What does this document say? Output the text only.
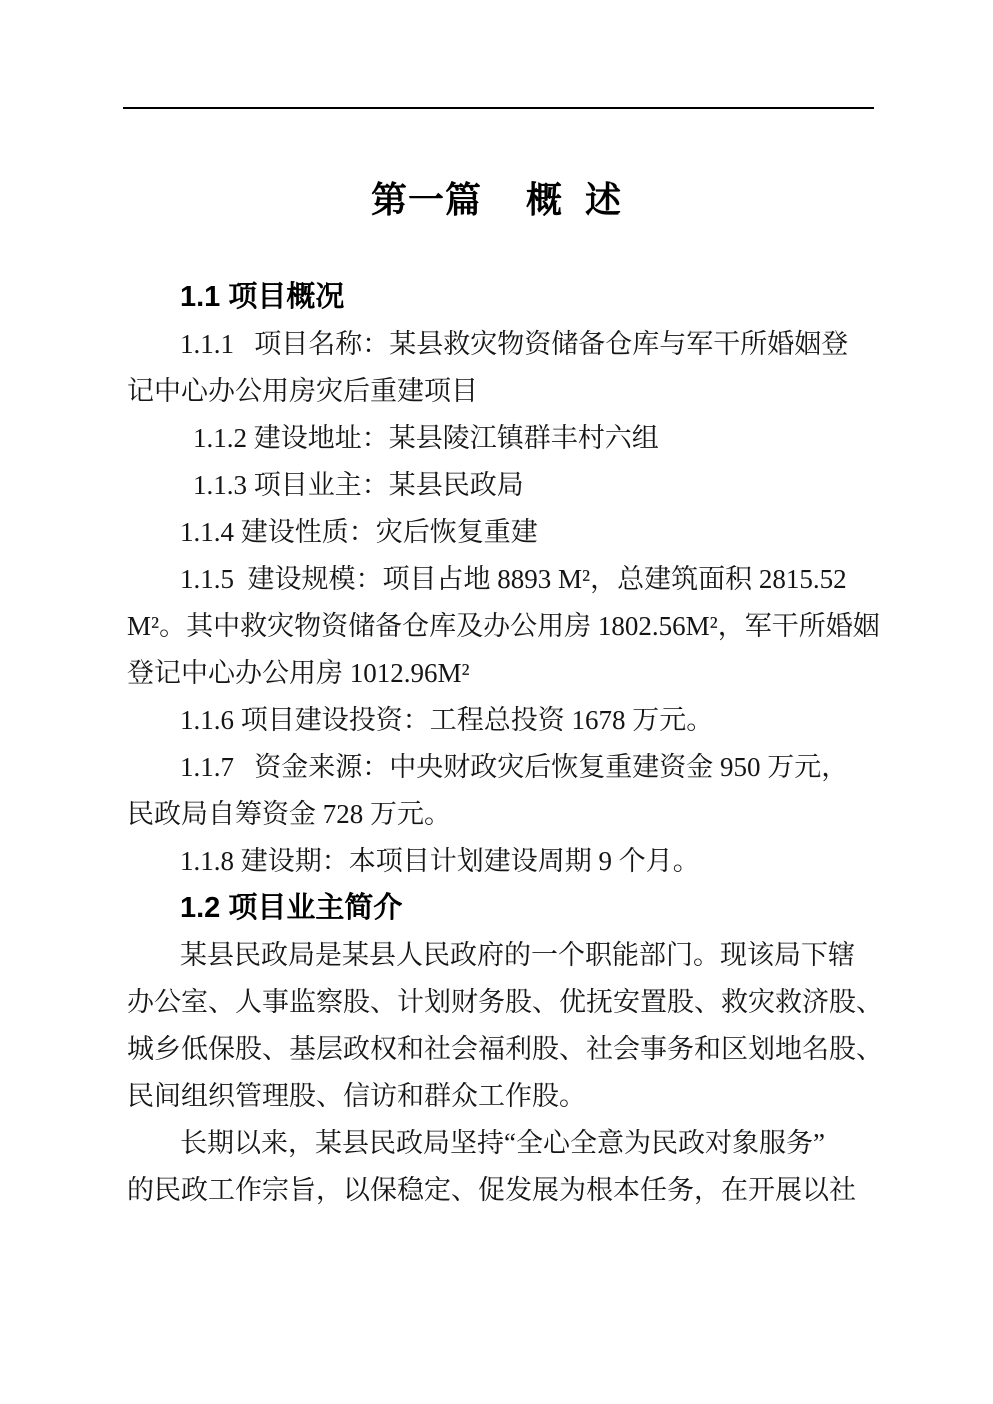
第一篇    概  述
1.1 项目概况
1.1.1   项目名称：某县救灾物资储备仓库与军干所婚姻登
记中心办公用房灾后重建项目
1.1.2 建设地址：某县陵江镇群丰村六组
1.1.3 项目业主：某县民政局
1.1.4 建设性质：灾后恢复重建
1.1.5  建设规模：项目占地 8893 M²，总建筑面积 2815.52
M²。其中救灾物资储备仓库及办公用房 1802.56M²，军干所婚姻
登记中心办公用房 1012.96M²
1.1.6 项目建设投资：工程总投资 1678 万元。
1.1.7   资金来源：中央财政灾后恢复重建资金 950 万元，
民政局自筹资金 728 万元。
1.1.8 建设期：本项目计划建设周期 9 个月。
1.2 项目业主简介
某县民政局是某县人民政府的一个职能部门。现该局下辖
办公室、人事监察股、计划财务股、优抚安置股、救灾救济股、
城乡低保股、基层政权和社会福利股、社会事务和区划地名股、
民间组织管理股、信访和群众工作股。
长期以来，某县民政局坚持“全心全意为民政对象服务”
的民政工作宗旨，以保稳定、促发展为根本任务，在开展以社
